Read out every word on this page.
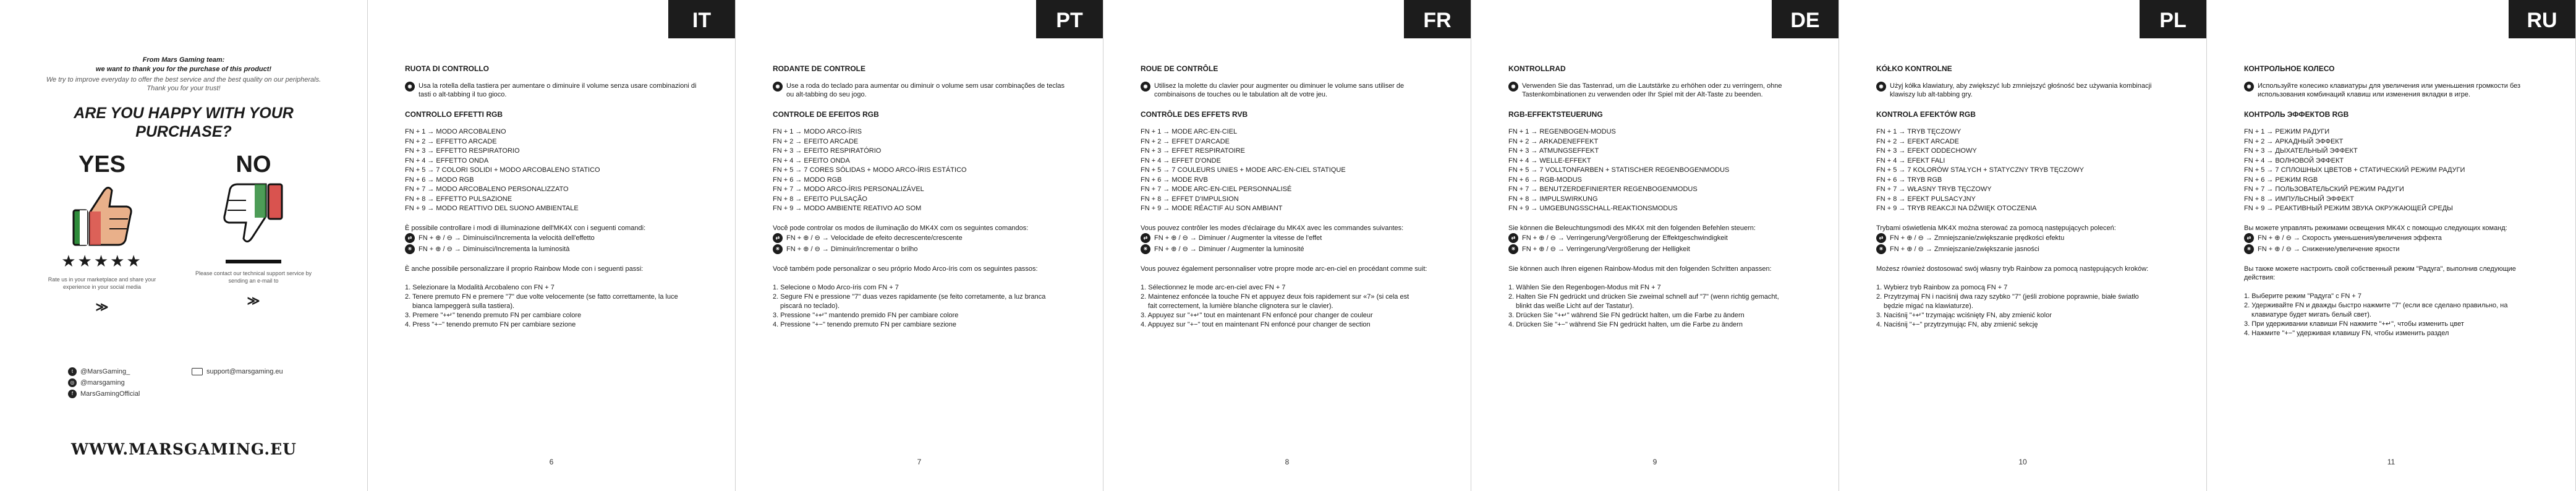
From Mars Gaming team:
we want to thank you for the purchase of this product!
We try to improve everyday to offer the best service and the best quality on our peripherals. Thank you for your trust!
ARE YOU HAPPY WITH YOUR PURCHASE?
YES
★★★★★
Rate us in your marketplace and share your experience in your social media
≫
NO
Please contact our technical support service by sending an e-mail to
≫
t	@MarsGaming_
◎ @marsgaming
f	MarsGamingOfficial
support@marsgaming.eu
WWW.MARSGAMING.EU
IT
RUOTA DI CONTROLLO
◉ Usa la rotella della tastiera per aumentare o diminuire il volume senza usare combinazioni di tasti o alt-tabbing il tuo gioco.
CONTROLLO EFFETTI RGB
FN + 1 → MODO ARCOBALENO
FN + 2 → EFFETTO ARCADE
FN + 3 → EFFETTO RESPIRATORIO
FN + 4 → EFFETTO ONDA
FN + 5 → 7 COLORI SOLIDI + MODO ARCOBALENO STATICO
FN + 6 → MODO RGB
FN + 7 → MODO ARCOBALENO PERSONALIZZATO
FN + 8 → EFFETTO PULSAZIONE
FN + 9 → MODO REATTIVO DEL SUONO AMBIENTALE
È possibile controllare i modi di illuminazione dell'MK4X con i seguenti comandi:
⇄ FN + ⊕ / ⊖ → Diminuisci/Incrementa la velocità dell'effetto
☀ FN + ⊕ / ⊖ → Diminuisci/Incrementa la luminosità
È anche possibile personalizzare il proprio Rainbow Mode con i seguenti passi:

1. Selezionare la Modalità Arcobaleno con FN + 7

2. Tenere premuto FN e premere "7" due volte velocemente (se fatto correttamente, la luce

bianca lampeggerà sulla tastiera).

3. Premere "+↵" tenendo premuto FN per cambiare colore

4. Press "+−" tenendo premuto FN per cambiare sezione

6
PT
RODANTE DE CONTROLE
◉ Use a roda do teclado para aumentar ou diminuir o volume sem usar combinações de teclas ou alt-tabbing do seu jogo.
CONTROLE DE EFEITOS RGB
FN + 1 → MODO ARCO-ÍRIS
FN + 2 → EFEITO ARCADE
FN + 3 → EFEITO RESPIRATÓRIO
FN + 4 → EFEITO ONDA
FN + 5 → 7 CORES SÓLIDAS + MODO ARCO-ÍRIS ESTÁTICO
FN + 6 → MODO RGB
FN + 7 → MODO ARCO-ÍRIS PERSONALIZÁVEL
FN + 8 → EFEITO PULSAÇÃO
FN + 9 → MODO AMBIENTE REATIVO AO SOM
Você pode controlar os modos de iluminação do MK4X com os seguintes comandos:
⇄ FN + ⊕ / ⊖ → Velocidade de efeito decrescente/crescente
☀ FN + ⊕ / ⊖ → Diminuir/incrementar o brilho
Você também pode personalizar o seu próprio Modo Arco-íris com os seguintes passos:

1. Selecione o Modo Arco-íris com FN + 7

2. Segure FN e pressione "7" duas vezes rapidamente (se feito corretamente, a luz branca

piscará no teclado).

3. Pressione "+↵" mantendo premido FN per cambiare colore

4. Pressione "+−" tenendo premuto FN per cambiare sezione

7
FR
ROUE DE CONTRÔLE
◉ Utilisez la molette du clavier pour augmenter ou diminuer le volume sans utiliser de combinaisons de touches ou le tabulation alt de votre jeu.
CONTRÔLE DES EFFETS RVB
FN + 1 → MODE ARC-EN-CIEL
FN + 2 → EFFET D'ARCADE
FN + 3 → EFFET RESPIRATOIRE
FN + 4 → EFFET D'ONDE
FN + 5 → 7 COULEURS UNIES + MODE ARC-EN-CIEL STATIQUE
FN + 6 → MODE RVB
FN + 7 → MODE ARC-EN-CIEL PERSONNALISÉ
FN + 8 → EFFET D'IMPULSION
FN + 9 → MODE RÉACTIF AU SON AMBIANT
Vous pouvez contrôler les modes d'éclairage du MK4X avec les commandes suivantes:
⇄ FN + ⊕ / ⊖ → Diminuer / Augmenter la vitesse de l'effet
☀ FN + ⊕ / ⊖ → Diminuer / Augmenter la luminosité
Vous pouvez également personnaliser votre propre mode arc-en-ciel en procédant comme suit:

1. Sélectionnez le mode arc-en-ciel avec FN + 7

2. Maintenez enfoncée la touche FN et appuyez deux fois rapidement sur «7» (si cela est

fait correctement, la lumière blanche clignotera sur le clavier).

3. Appuyez sur "+↵" tout en maintenant FN enfoncé pour changer de couleur

4. Appuyez sur "+−" tout en maintenant FN enfoncé pour changer de section

8
DE
KONTROLLRAD
◉ Verwenden Sie das Tastenrad, um die Lautstärke zu erhöhen oder zu verringern, ohne Tastenkombinationen zu verwenden oder Ihr Spiel mit der Alt-Taste zu beenden.
RGB-EFFEKTSTEUERUNG
FN + 1 → REGENBOGEN-MODUS
FN + 2 → ARKADENEFFEKT
FN + 3 → ATMUNGSEFFEKT
FN + 4 → WELLE-EFFEKT
FN + 5 → 7 VOLLTONFARBEN + STATISCHER REGENBOGENMODUS
FN + 6 → RGB-MODUS
FN + 7 → BENUTZERDEFINIERTER REGENBOGENMODUS
FN + 8 → IMPULSWIRKUNG
FN + 9 → UMGEBUNGSSCHALL-REAKTIONSMODUS
Sie können die Beleuchtungsmodi des MK4X mit den folgenden Befehlen steuern:
⇄ FN + ⊕ / ⊖ → Verringerung/Vergrößerung der Effektgeschwindigkeit
☀ FN + ⊕ / ⊖ → Verringerung/Vergrößerung der Helligkeit
Sie können auch Ihren eigenen Rainbow-Modus mit den folgenden Schritten anpassen:

1. Wählen Sie den Regenbogen-Modus mit FN + 7

2. Halten Sie FN gedrückt und drücken Sie zweimal schnell auf "7" (wenn richtig gemacht,

blinkt das weiße Licht auf der Tastatur).

3. Drücken Sie "+↵" während Sie FN gedrückt halten, um die Farbe zu ändern

4. Drücken Sie "+−" während Sie FN gedrückt halten, um die Farbe zu ändern

9
PL
KÓŁKO KONTROLNE
◉ Użyj kółka klawiatury, aby zwiększyć lub zmniejszyć głośność bez używania kombinacji klawiszy lub alt-tabbing gry.
KONTROLA EFEKTÓW RGB
FN + 1 → TRYB TĘCZOWY
FN + 2 → EFEKT ARCADE
FN + 3 → EFEKT ODDECHOWY
FN + 4 → EFEKT FALI
FN + 5 → 7 KOLORÓW STAŁYCH + STATYCZNY TRYB TĘCZOWY
FN + 6 → TRYB RGB
FN + 7 → WŁASNY TRYB TĘCZOWY
FN + 8 → EFEKT PULSACYJNY
FN + 9 → TRYB REAKCJI NA DŹWIĘK OTOCZENIA
Trybami oświetlenia MK4X można sterować za pomocą następujących poleceń:
⇄ FN + ⊕ / ⊖ → Zmniejszanie/zwiększanie prędkości efektu
☀ FN + ⊕ / ⊖ → Zmniejszanie/zwiększanie jasności
Możesz również dostosować swój własny tryb Rainbow za pomocą następujących kroków:

1. Wybierz tryb Rainbow za pomocą FN + 7

2. Przytrzymaj FN i naciśnij dwa razy szybko "7" (jeśli zrobione poprawnie, białe światło

będzie migać na klawiaturze).

3. Naciśnij "+↵" trzymając wciśnięty FN, aby zmienić kolor

4. Naciśnij "+−" przytrzymując FN, aby zmienić sekcję

10
RU
КОНТРОЛЬНОЕ КОЛЕСО
◉ Используйте колесико клавиатуры для увеличения или уменьшения громкости без использования комбинаций клавиш или изменения вкладки в игре.
КОНТРОЛЬ ЭФФЕКТОВ RGB
FN + 1 → РЕЖИМ РАДУГИ
FN + 2 → АРКАДНЫЙ ЭФФЕКТ
FN + 3 → ДЫХАТЕЛЬНЫЙ ЭФФЕКТ
FN + 4 → ВОЛНОВОЙ ЭФФЕКТ
FN + 5 → 7 СПЛОШНЫХ ЦВЕТОВ + СТАТИЧЕСКИЙ РЕЖИМ РАДУГИ
FN + 6 → РЕЖИМ RGB
FN + 7 → ПОЛЬЗОВАТЕЛЬСКИЙ РЕЖИМ РАДУГИ
FN + 8 → ИМПУЛЬСНЫЙ ЭФФЕКТ
FN + 9 → РЕАКТИВНЫЙ РЕЖИМ ЗВУКА ОКРУЖАЮЩЕЙ СРЕДЫ
Вы можете управлять режимами освещения MK4X с помощью следующих команд:
⇄ FN + ⊕ / ⊖ → Скорость уменьшения/увеличения эффекта
☀ FN + ⊕ / ⊖ → Снижение/увеличение яркости
Вы также можете настроить свой собственный режим "Радуга", выполнив следующие действия:

1. Выберите режим "Радуга" с FN + 7

2. Удерживайте FN и дважды быстро нажмите "7" (если все сделано правильно, на

клавиатуре будет мигать белый свет).

3. При удерживании клавиши FN нажмите "+↵", чтобы изменить цвет

4. Нажмите "+−" удерживая клавишу FN, чтобы изменить раздел

11
